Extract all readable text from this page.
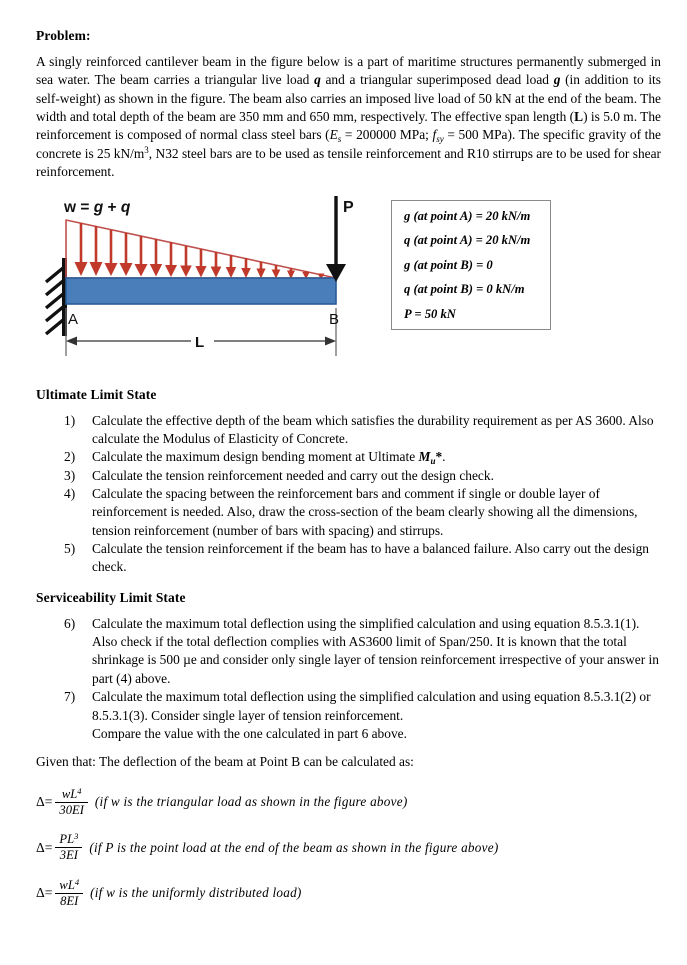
Problem:

A singly reinforced cantilever beam in the figure below is a part of maritime structures permanently submerged in sea water. The beam carries a triangular live load q and a triangular superimposed dead load g (in addition to its self-weight) as shown in the figure. The beam also carries an imposed live load of 50 kN at the end of the beam. The width and total depth of the beam are 350 mm and 650 mm, respectively. The effective span length (L) is 5.0 m. The reinforcement is composed of normal class steel bars ($E_s = 200000$ MPa; $f_{sy} = 500$ MPa). The specific gravity of the concrete is 25 $kN/m^3$, N32 steel bars are to be used as tensile reinforcement and R10 stirrups are to be used for shear reinforcement.

w = g + q	P
A	B
L
g (at point A) = 20 kN/m
q (at point A) = 20 kN/m
g (at point B) = 0
q (at point B) = 0 kN/m
P = 50 kN
Ultimate Limit State
1)	Calculate the effective depth of the beam which satisfies the durability requirement as per AS 3600. Also calculate the Modulus of Elasticity of Concrete.
2)	Calculate the maximum design bending moment at Ultimate $M_u*$.
3)	Calculate the tension reinforcement needed and carry out the design check.
4)	Calculate the spacing between the reinforcement bars and comment if single or double layer of reinforcement is needed. Also, draw the cross-section of the beam clearly showing all the dimensions, tension reinforcement (number of bars with spacing) and stirrups.
5)	Calculate the tension reinforcement if the beam has to have a balanced failure. Also carry out the design check.
Serviceability Limit State
6)	Calculate the maximum total deflection using the simplified calculation and using equation 8.5.3.1(1). Also check if the total deflection complies with AS3600 limit of Span/250. It is known that the total shrinkage is 500 µe and consider only single layer of tension reinforcement irrespective of your answer in part (4) above.
7)	Calculate the maximum total deflection using the simplified calculation and using equation 8.5.3.1(2) or 8.5.3.1(3). Consider single layer of tension reinforcement.
Compare the value with the one calculated in part 6 above.

Given that: The deflection of the beam at Point B can be calculated as:

$\Delta= \frac{wL^4}{30EI} (if$ w is the triangular load as shown in the figure above)
$\Delta= \frac{PL^3}{3EI} (if$ P is the point load at the end of the beam as shown in the figure above)
$\Delta= \frac{wL^4}{8EI} (if$ w is the uniformly distributed load)
